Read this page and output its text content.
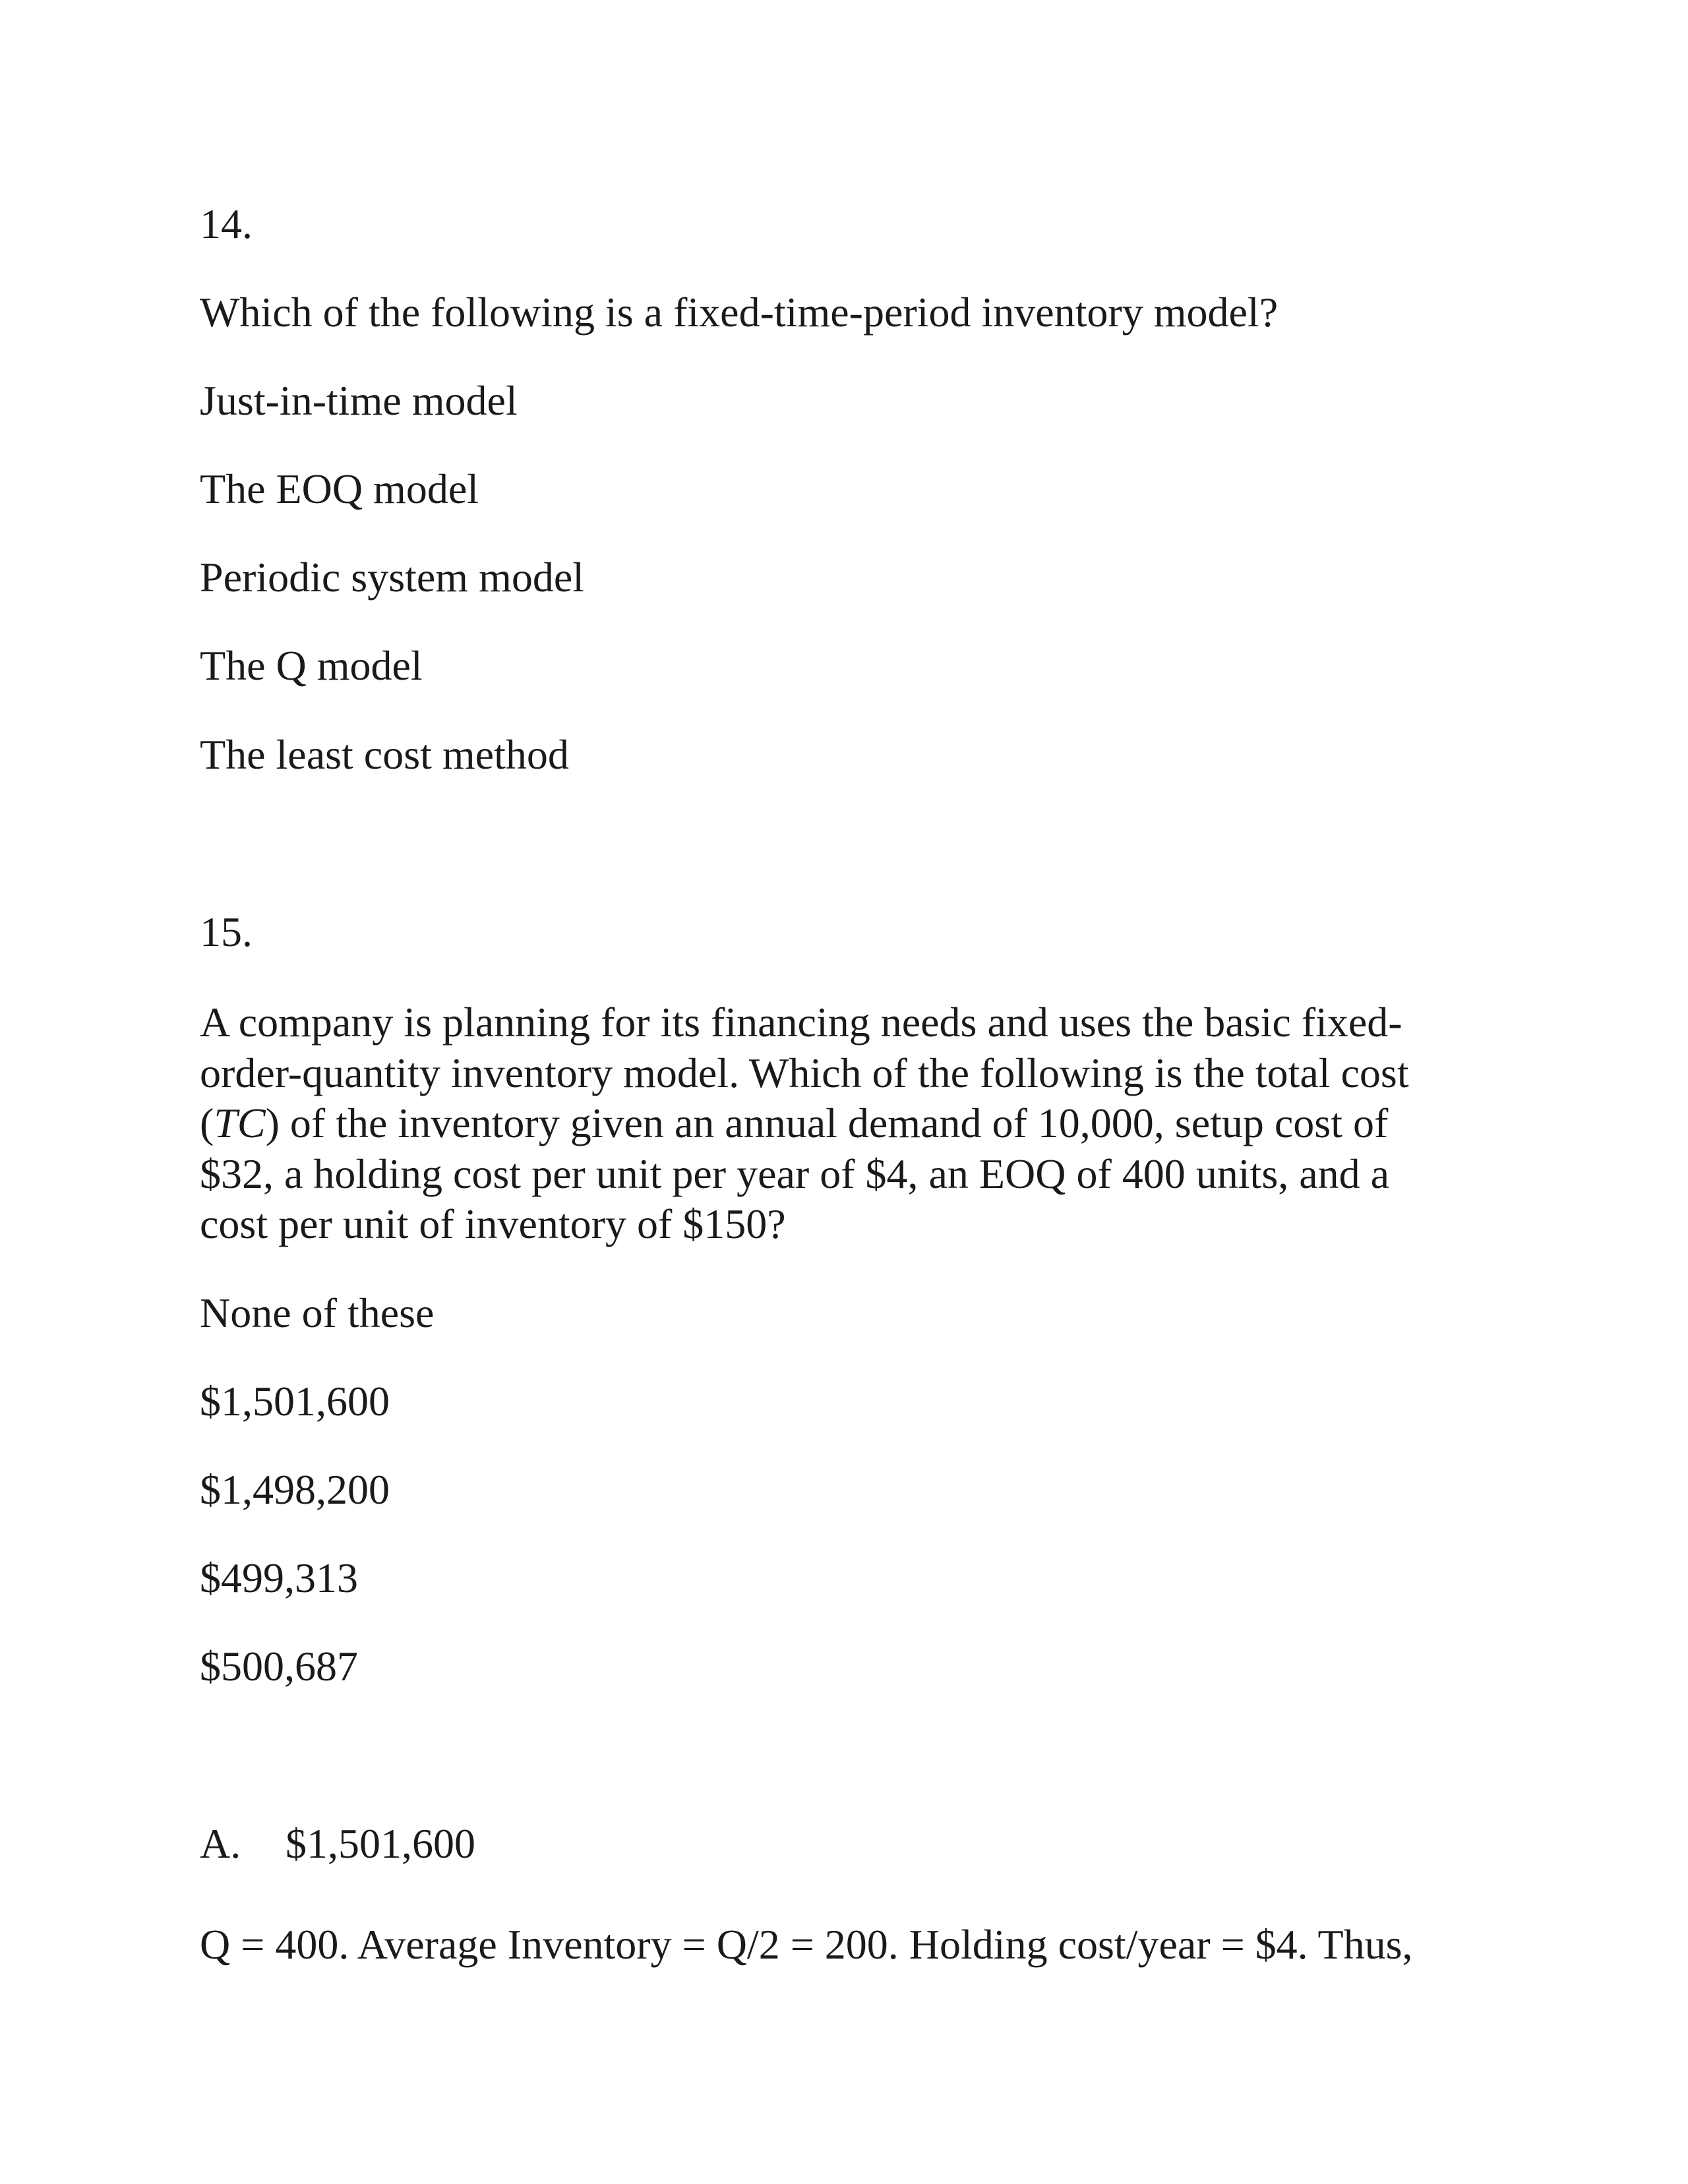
14.
Which of the following is a fixed-time-period inventory model?
Just-in-time model
The EOQ model
Periodic system model
The Q model
The least cost method
15.
A company is planning for its financing needs and uses the basic fixed-
order-quantity inventory model. Which of the following is the total cost
(TC) of the inventory given an annual demand of 10,000, setup cost of
$32, a holding cost per unit per year of $4, an EOQ of 400 units, and a
cost per unit of inventory of $150?
None of these
$1,501,600
$1,498,200
$499,313
$500,687
A. $1,501,600
Q = 400. Average Inventory = Q/2 = 200. Holding cost/year = $4. Thus,
